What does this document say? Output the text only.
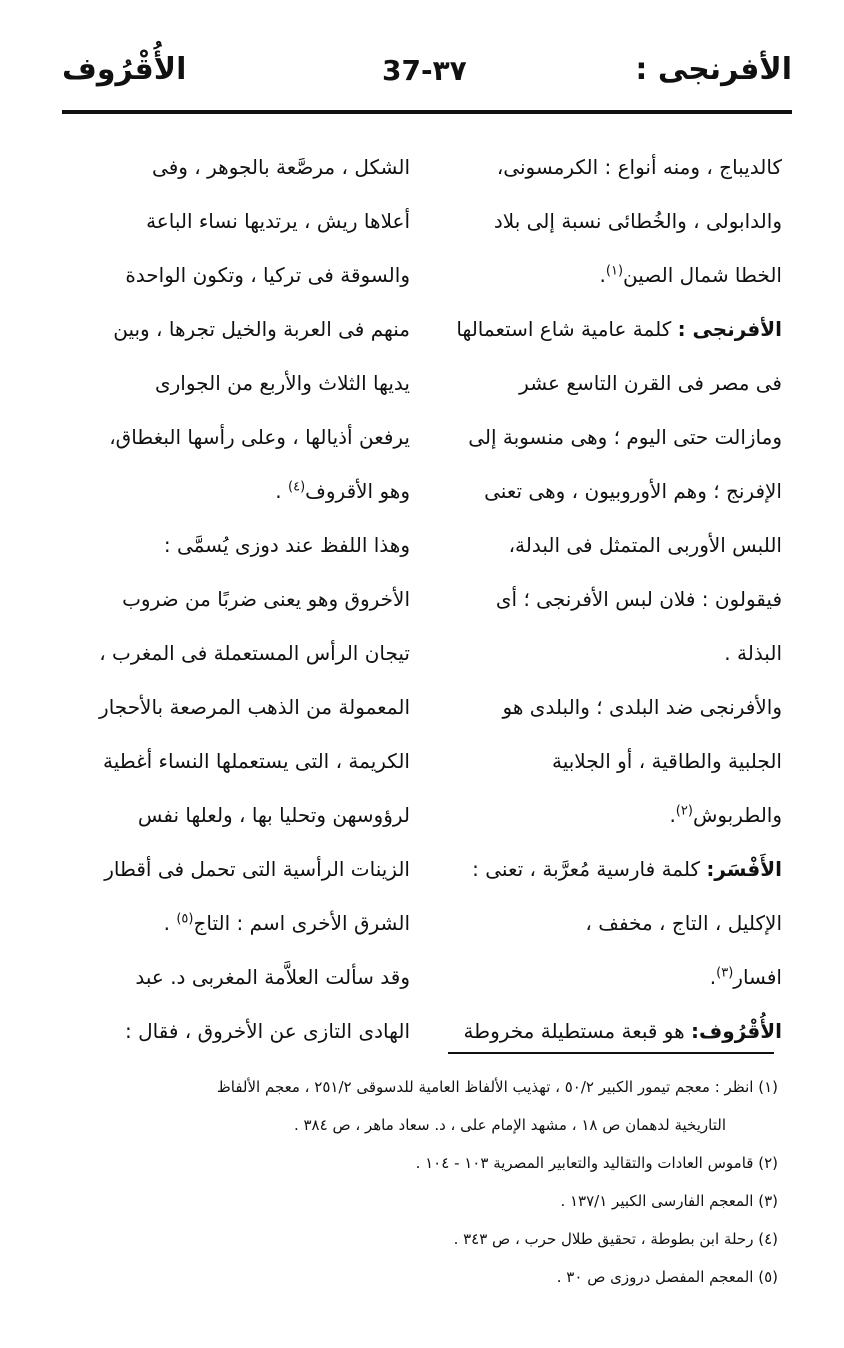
الأفرنجى :
37-٣٧
الأُقْرُوف
كالديباج ، ومنه أنواع : الكرمسونى،
والدابولى ، والخُطائى نسبة إلى بلاد
الخطا شمال الصين$^{(١)}$.
الأفرنجى : كلمة عامية شاع استعمالها
فى مصر فى القرن التاسع عشر
ومازالت حتى اليوم ؛ وهى منسوبة إلى
الإفرنج ؛ وهم الأوروبيون ، وهى تعنى
اللبس الأوربى المتمثل فى البدلة،
فيقولون : فلان لبس الأفرنجى ؛ أى
البذلة .
والأفرنجى ضد البلدى ؛ والبلدى هو
الجلبية والطاقية ، أو الجلابية
والطربوش$^{(٢)}$.
الأَفْسَر: كلمة فارسية مُعرَّبة ، تعنى :
الإكليل ، التاج ، مخفف ،
افسار$^{(٣)}$.
الأُقْرُوف: هو قبعة مستطيلة مخروطة
الشكل ، مرصَّعة بالجوهر ، وفى
أعلاها ريش ، يرتديها نساء الباعة
والسوقة فى تركيا ، وتكون الواحدة
منهم فى العربة والخيل تجرها ، وبين
يديها الثلاث والأربع من الجوارى
يرفعن أذيالها ، وعلى رأسها البغطاق،
وهو الأقروف$^{(٤)}$ .
وهذا اللفظ عند دوزى يُسمَّى :
الأخروق وهو يعنى ضربًا من ضروب
تيجان الرأس المستعملة فى المغرب ،
المعمولة من الذهب المرصعة بالأحجار
الكريمة ، التى يستعملها النساء أغطية
لرؤوسهن وتحليا بها ، ولعلها نفس
الزينات الرأسية التى تحمل فى أقطار
الشرق الأخرى اسم : التاج$^{(٥)}$ .
وقد سألت العلاَّمة المغربى د. عبد
الهادى التازى عن الأخروق ، فقال :
(١) انظر : معجم تيمور الكبير ٥٠/٢ ، تهذيب الألفاظ العامية للدسوقى ٢٥١/٢ ، معجم الألفاظ
التاريخية لدهمان ص ١٨ ، مشهد الإمام على ، د. سعاد ماهر ، ص ٣٨٤ .
(٢) قاموس العادات والتقاليد والتعابير المصرية ١٠٣ - ١٠٤ .
(٣) المعجم الفارسى الكبير ١٣٧/١ .
(٤) رحلة ابن بطوطة ، تحقيق طلال حرب ، ص ٣٤٣ .
(٥) المعجم المفصل دروزى ص ٣٠ .
